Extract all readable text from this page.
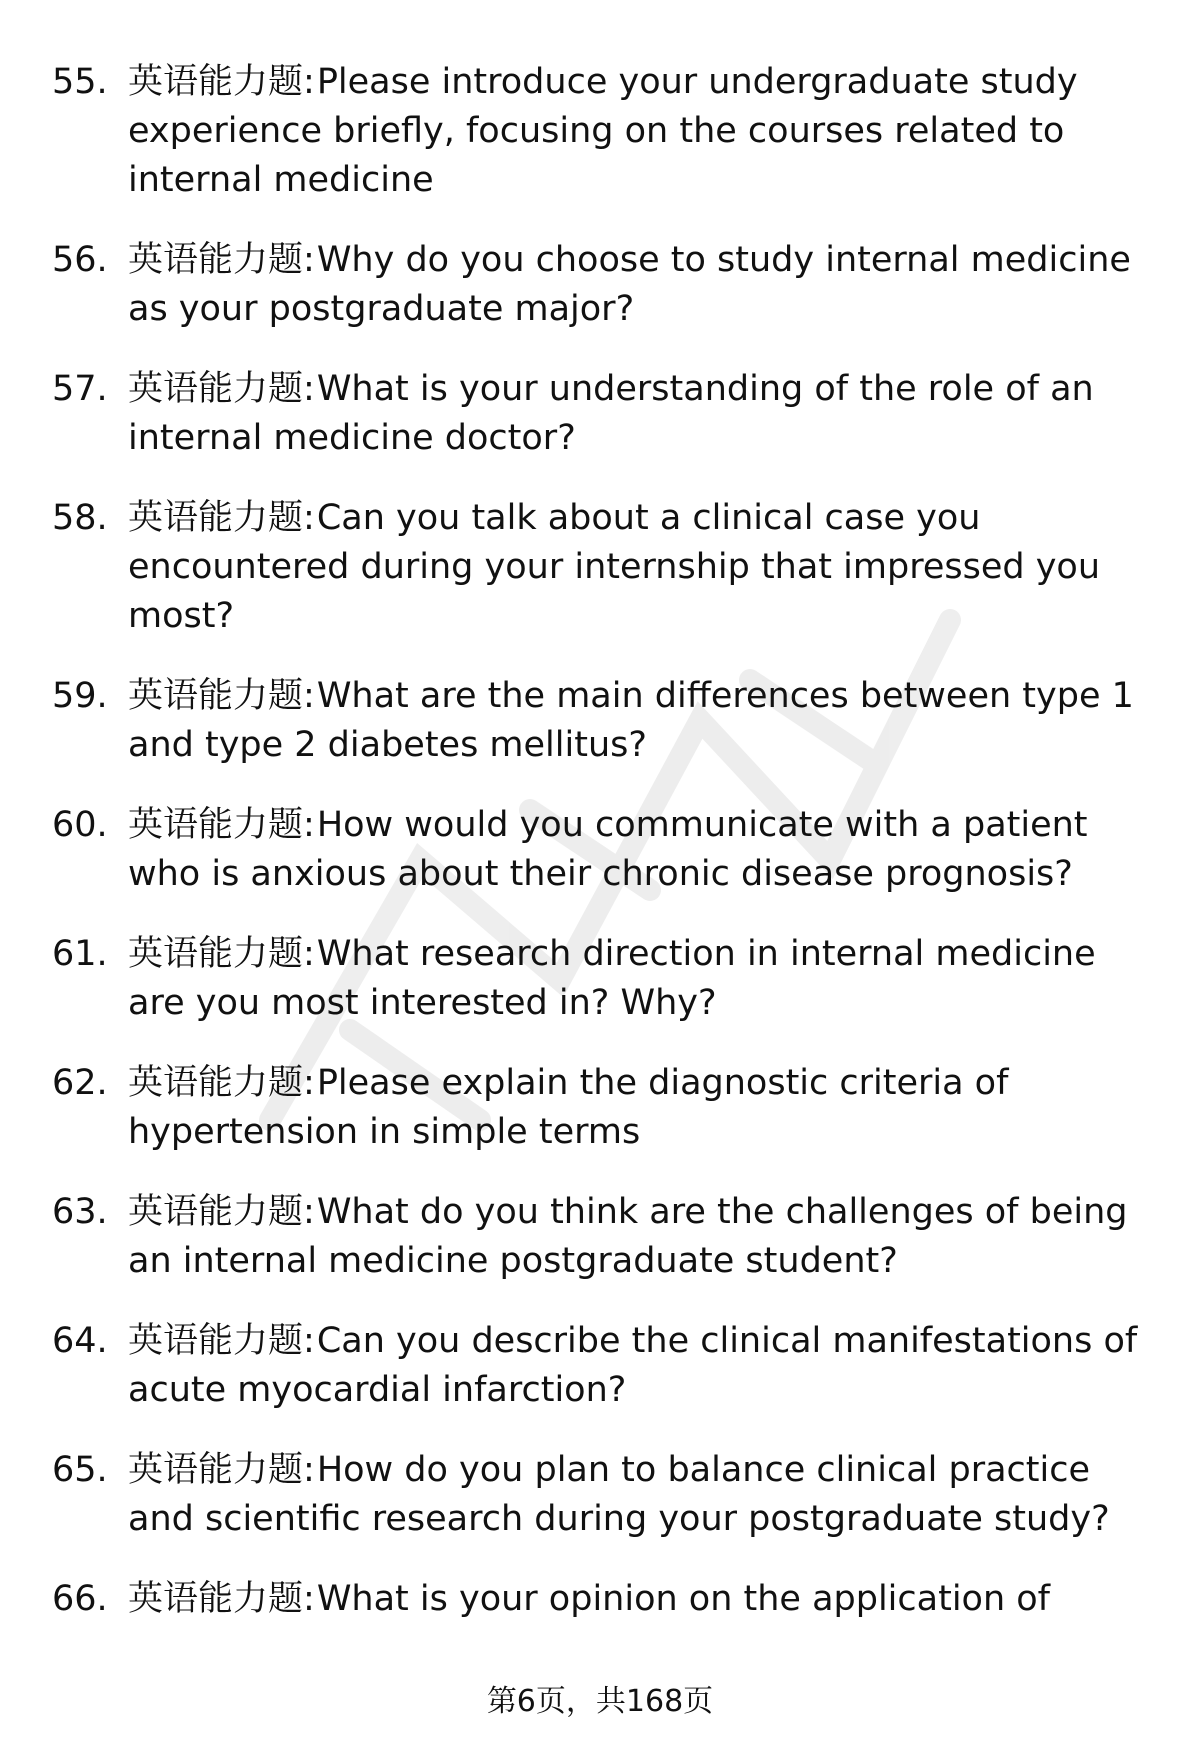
55. 英语能力题:Please introduce your undergraduate study experience briefly, focusing on the courses related to internal medicine
56. 英语能力题:Why do you choose to study internal medicine as your postgraduate major?
57. 英语能力题:What is your understanding of the role of an internal medicine doctor?
58. 英语能力题:Can you talk about a clinical case you encountered during your internship that impressed you most?
59. 英语能力题:What are the main differences between type 1 and type 2 diabetes mellitus?
60. 英语能力题:How would you communicate with a patient who is anxious about their chronic disease prognosis?
61. 英语能力题:What research direction in internal medicine are you most interested in? Why?
62. 英语能力题:Please explain the diagnostic criteria of hypertension in simple terms
63. 英语能力题:What do you think are the challenges of being an internal medicine postgraduate student?
64. 英语能力题:Can you describe the clinical manifestations of acute myocardial infarction?
65. 英语能力题:How do you plan to balance clinical practice and scientific research during your postgraduate study?
66. 英语能力题:What is your opinion on the application of
第6页，共168页
